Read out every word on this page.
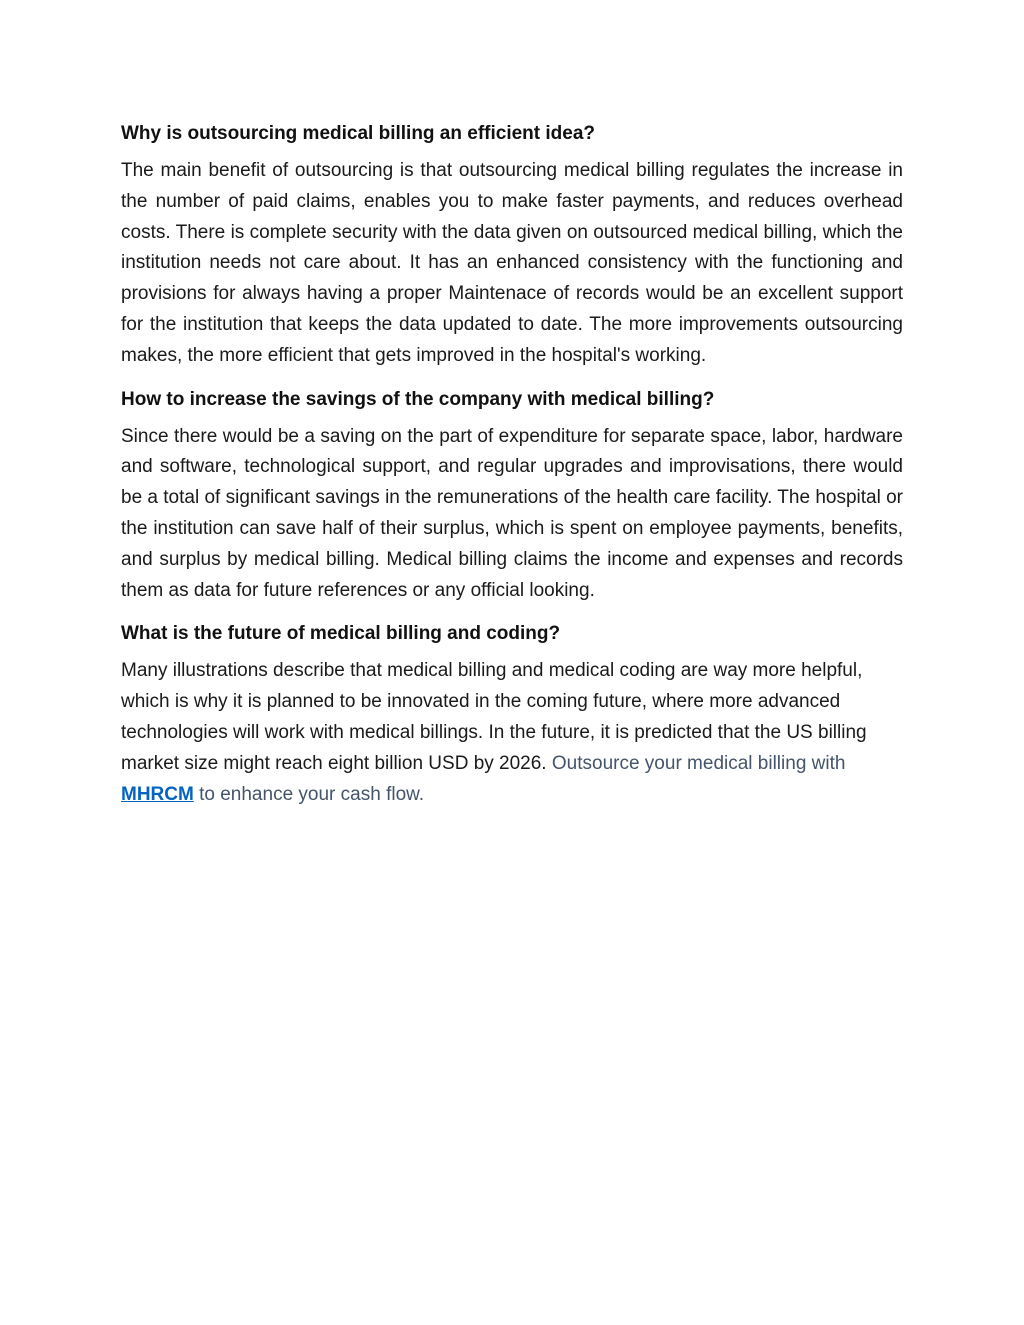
Why is outsourcing medical billing an efficient idea?

The main benefit of outsourcing is that outsourcing medical billing regulates the increase in the number of paid claims, enables you to make faster payments, and reduces overhead costs. There is complete security with the data given on outsourced medical billing, which the institution needs not care about. It has an enhanced consistency with the functioning and provisions for always having a proper Maintenace of records would be an excellent support for the institution that keeps the data updated to date. The more improvements outsourcing makes, the more efficient that gets improved in the hospital's working.

How to increase the savings of the company with medical billing?

Since there would be a saving on the part of expenditure for separate space, labor, hardware and software, technological support, and regular upgrades and improvisations, there would be a total of significant savings in the remunerations of the health care facility. The hospital or the institution can save half of their surplus, which is spent on employee payments, benefits, and surplus by medical billing. Medical billing claims the income and expenses and records them as data for future references or any official looking.

What is the future of medical billing and coding?

Many illustrations describe that medical billing and medical coding are way more helpful, which is why it is planned to be innovated in the coming future, where more advanced technologies will work with medical billings. In the future, it is predicted that the US billing market size might reach eight billion USD by 2026. Outsource your medical billing with MHRCM to enhance your cash flow.
